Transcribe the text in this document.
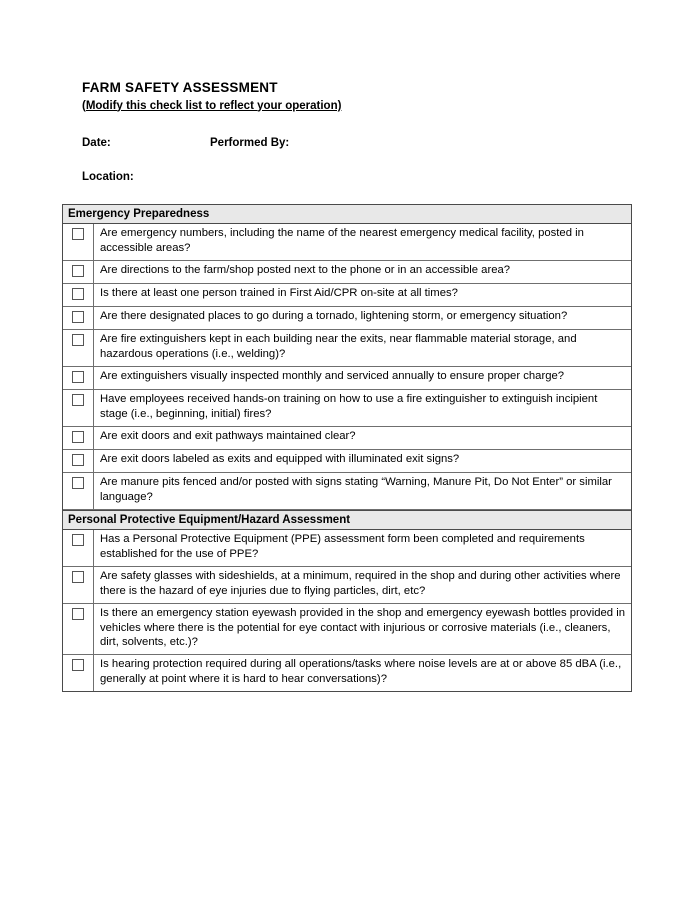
FARM SAFETY ASSESSMENT
(Modify this check list to reflect your operation)
Date:	Performed By:
Location:
Emergency Preparedness
Are emergency numbers, including the name of the nearest emergency medical facility, posted in accessible areas?
Are directions to the farm/shop posted next to the phone or in an accessible area?
Is there at least one person trained in First Aid/CPR on-site at all times?
Are there designated places to go during a tornado, lightening storm, or emergency situation?
Are fire extinguishers kept in each building near the exits, near flammable material storage, and hazardous operations (i.e., welding)?
Are extinguishers visually inspected monthly and serviced annually to ensure proper charge?
Have employees received hands-on training on how to use a fire extinguisher to extinguish incipient stage (i.e., beginning, initial) fires?
Are exit doors and exit pathways maintained clear?
Are exit doors labeled as exits and equipped with illuminated exit signs?
Are manure pits fenced and/or posted with signs stating “Warning, Manure Pit, Do Not Enter” or similar language?
Personal Protective Equipment/Hazard Assessment
Has a Personal Protective Equipment (PPE) assessment form been completed and requirements established for the use of PPE?
Are safety glasses with sideshields, at a minimum, required in the shop and during other activities where there is the hazard of eye injuries due to flying particles, dirt, etc?
Is there an emergency station eyewash provided in the shop and emergency eyewash bottles provided in vehicles where there is the potential for eye contact with injurious or corrosive materials (i.e., cleaners, dirt, solvents, etc.)?
Is hearing protection required during all operations/tasks where noise levels are at or above 85 dBA (i.e., generally at point where it is hard to hear conversations)?
